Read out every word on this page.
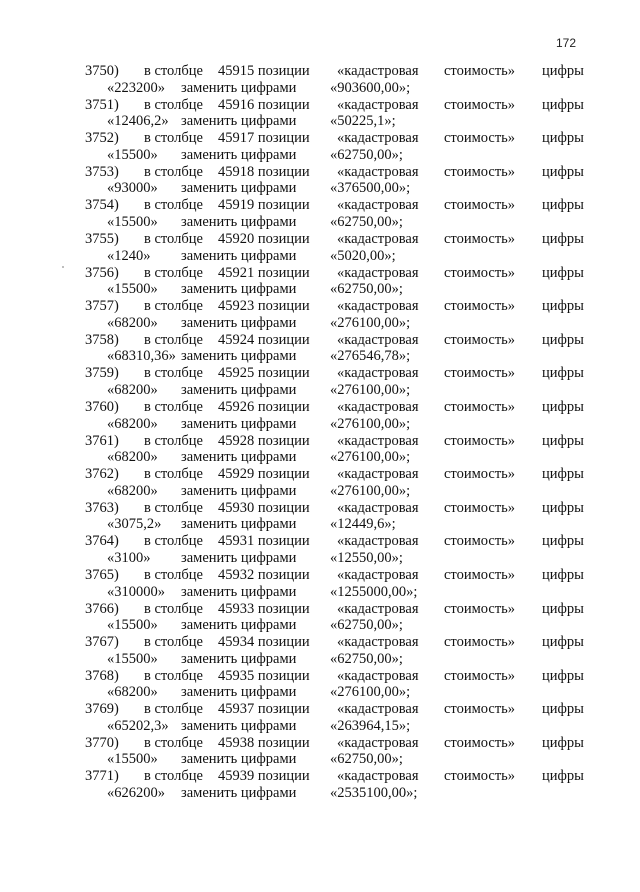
172
3750) в столбце 45915 позиции «кадастровая стоимость» цифры
«223200» заменить цифрами «903600,00»;
3751) в столбце 45916 позиции «кадастровая стоимость» цифры
«12406,2» заменить цифрами «50225,1»;
3752) в столбце 45917 позиции «кадастровая стоимость» цифры
«15500» заменить цифрами «62750,00»;
3753) в столбце 45918 позиции «кадастровая стоимость» цифры
«93000» заменить цифрами «376500,00»;
3754) в столбце 45919 позиции «кадастровая стоимость» цифры
«15500» заменить цифрами «62750,00»;
3755) в столбце 45920 позиции «кадастровая стоимость» цифры
«1240» заменить цифрами «5020,00»;
3756) в столбце 45921 позиции «кадастровая стоимость» цифры
«15500» заменить цифрами «62750,00»;
3757) в столбце 45923 позиции «кадастровая стоимость» цифры
«68200» заменить цифрами «276100,00»;
3758) в столбце 45924 позиции «кадастровая стоимость» цифры
«68310,36» заменить цифрами «276546,78»;
3759) в столбце 45925 позиции «кадастровая стоимость» цифры
«68200» заменить цифрами «276100,00»;
3760) в столбце 45926 позиции «кадастровая стоимость» цифры
«68200» заменить цифрами «276100,00»;
3761) в столбце 45928 позиции «кадастровая стоимость» цифры
«68200» заменить цифрами «276100,00»;
3762) в столбце 45929 позиции «кадастровая стоимость» цифры
«68200» заменить цифрами «276100,00»;
3763) в столбце 45930 позиции «кадастровая стоимость» цифры
«3075,2» заменить цифрами «12449,6»;
3764) в столбце 45931 позиции «кадастровая стоимость» цифры
«3100» заменить цифрами «12550,00»;
3765) в столбце 45932 позиции «кадастровая стоимость» цифры
«310000» заменить цифрами «1255000,00»;
3766) в столбце 45933 позиции «кадастровая стоимость» цифры
«15500» заменить цифрами «62750,00»;
3767) в столбце 45934 позиции «кадастровая стоимость» цифры
«15500» заменить цифрами «62750,00»;
3768) в столбце 45935 позиции «кадастровая стоимость» цифры
«68200» заменить цифрами «276100,00»;
3769) в столбце 45937 позиции «кадастровая стоимость» цифры
«65202,3» заменить цифрами «263964,15»;
3770) в столбце 45938 позиции «кадастровая стоимость» цифры
«15500» заменить цифрами «62750,00»;
3771) в столбце 45939 позиции «кадастровая стоимость» цифры
«626200» заменить цифрами «2535100,00»;
